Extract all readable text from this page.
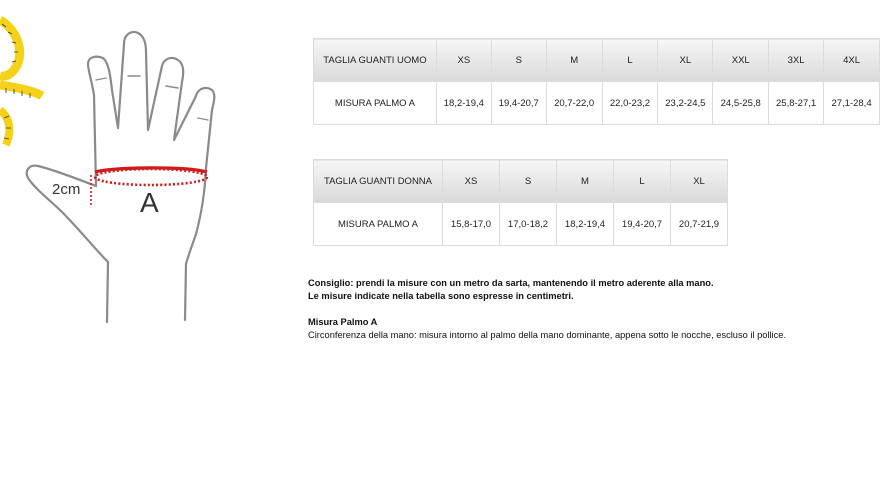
2cm A
TAGLIA GUANTI UOMO	XS	S	M	L	XL	XXL	3XL	4XL
MISURA PALMO A	18,2-19,4	19,4-20,7	20,7-22,0	22,0-23,2	23,2-24,5	24,5-25,8	25,8-27,1	27,1-28,4
TAGLIA GUANTI DONNA	XS	S	M	L	XL
MISURA PALMO A	15,8-17,0	17,0-18,2	18,2-19,4	19,4-20,7	20,7-21,9
Consiglio: prendi la misure con un metro da sarta, mantenendo il metro aderente alla mano.
Le misure indicate nella tabella sono espresse in centimetri.
Misura Palmo A
Circonferenza della mano: misura intorno al palmo della mano dominante, appena sotto le nocche, escluso il pollice.
